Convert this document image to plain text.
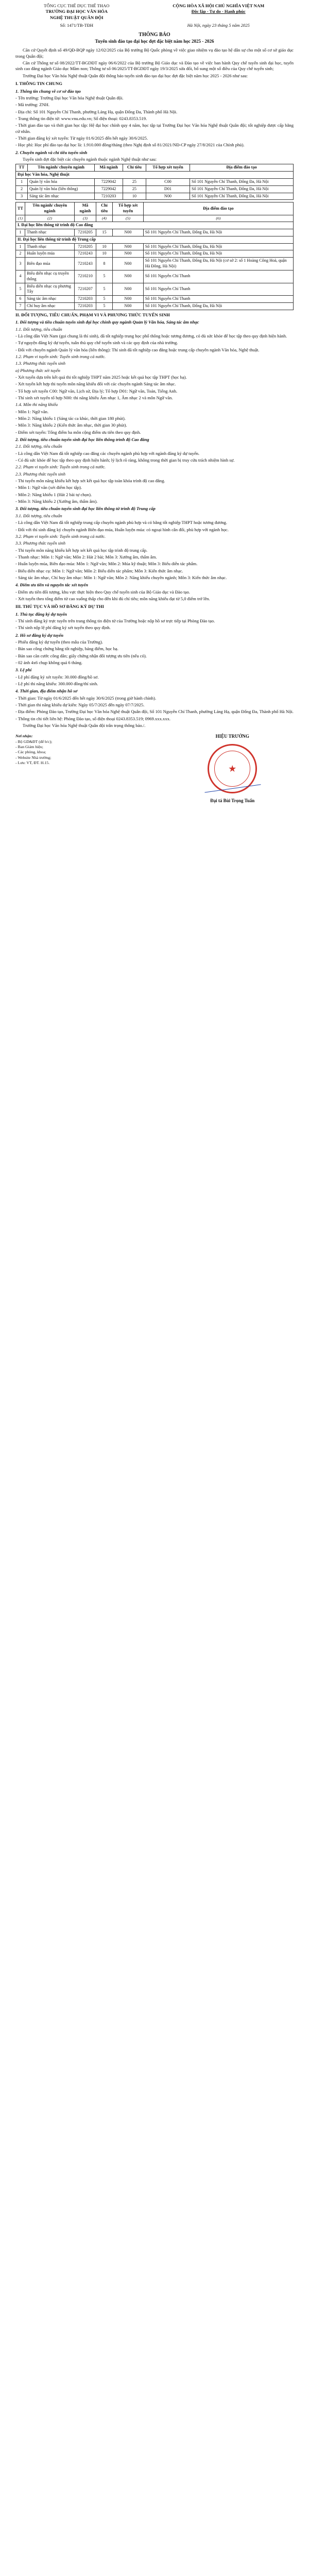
TỔNG CỤC THỂ DỤC THỂ THAO
TRƯỜNG ĐẠI HỌC VĂN HÓA
NGHỆ THUẬT QUÂN ĐỘI
CỘNG HÒA XÃ HỘI CHỦ NGHĨA VIỆT NAM
Độc lập - Tự do - Hạnh phúc
Số: 1471/TB-TĐH	Hà Nội, ngày 23 tháng 5 năm 2025
THÔNG BÁO
Tuyển sinh đào tạo đại học đợt đặc biệt năm học 2025 - 2026

Căn cứ Quyết định số 49/QĐ-BQP ngày 12/02/2025 của Bộ trưởng Bộ Quốc phòng về việc giao nhiệm vụ đào tạo hệ dân sự cho một số cơ sở giáo dục trong Quân đội;

Căn cứ Thông tư số 08/2022/TT-BGDĐT ngày 06/6/2022 của Bộ trưởng Bộ Giáo dục và Đào tạo về việc ban hành Quy chế tuyển sinh đại học, tuyển sinh cao đẳng ngành Giáo dục Mầm non; Thông tư số 06/2025/TT-BGDĐT ngày 19/3/2025 sửa đổi, bổ sung một số điều của Quy chế tuyển sinh;

Trường Đại học Văn hóa Nghệ thuật Quân đội thông báo tuyển sinh đào tạo đại học đợt đặc biệt năm học 2025 - 2026 như sau:

I. THÔNG TIN CHUNG
1. Thông tin chung về cơ sở đào tạo

- Tên trường: Trường Đại học Văn hóa Nghệ thuật Quân đội.

- Mã trường: ZNH.

- Địa chỉ: Số 101 Nguyễn Chí Thanh, phường Láng Hạ, quận Đống Đa, Thành phố Hà Nội.

- Trang thông tin điện tử: www.vnu.edu.vn; Số điện thoại: 0243.8353.519.

- Thời gian đào tạo và thời gian học tập: Hệ đại học chính quy 4 năm, học tập tại Trường Đại học Văn hóa Nghệ thuật Quân đội; tốt nghiệp được cấp bằng cử nhân.

- Thời gian đăng ký xét tuyển: Từ ngày 01/6/2025 đến hết ngày 30/6/2025.

- Học phí: Học phí đào tạo đại học là: 1.910.000 đồng/tháng (theo Nghị định số 81/2021/NĐ-CP ngày 27/8/2021 của Chính phủ).

2. Chuyên ngành và chỉ tiêu tuyển sinh

Tuyển sinh đợt đặc biệt các chuyên ngành thuộc ngành Nghệ thuật như sau:

TT	Tên ngành/ chuyên ngành	Mã ngành	Chỉ tiêu	Tổ hợp xét tuyển	Địa điểm đào tạo
Đại học Văn hóa, Nghệ thuật					
1	Quản lý văn hóa	7229042	25	C00	Số 101 Nguyễn Chí Thanh, Đống Đa, Hà Nội
2	Quản lý văn hóa (liên thông)	7229042	25	D01	Số 101 Nguyễn Chí Thanh, Đống Đa, Hà Nội
3	Sáng tác âm nhạc	7210203	10	N00	Số 101 Nguyễn Chí Thanh, Đống Đa, Hà Nội
TT	Tên ngành/ chuyên ngành	Mã ngành	Chỉ tiêu	Tổ hợp xét tuyển	Địa điểm đào tạo
(1)	(2)	(3)	(4)	(5)	(6)
I. Đại học liên thông từ trình độ Cao đẳng					
1	Thanh nhạc	7210205	15	N00	Số 101 Nguyễn Chí Thanh, Đống Đa, Hà Nội
II. Đại học liên thông từ trình độ Trung cấp					
1	Thanh nhạc	7210205	10	N00	Số 101 Nguyễn Chí Thanh, Đống Đa, Hà Nội
2	Huấn luyện múa	7210243	10	N00	Số 101 Nguyễn Chí Thanh, Đống Đa, Hà Nội
3	Biên đạo múa	7210243	8	N00	Số 101 Nguyễn Chí Thanh, Đống Đa, Hà Nội (cơ sở 2: số 1 Hoàng Công Hoà, quận Hà Đông, Hà Nội)
4	Biểu diễn nhạc cụ truyền thống	7210210	5	N00	Số 101 Nguyễn Chí Thanh
5	Biểu diễn nhạc cụ phương Tây	7210207	5	N00	Số 101 Nguyễn Chí Thanh
6	Sáng tác âm nhạc	7210203	5	N00	Số 101 Nguyễn Chí Thanh
7	Chỉ huy âm nhạc	7210203	5	N00	Số 101 Nguyễn Chí Thanh, Đống Đa, Hà Nội
II. ĐỐI TƯỢNG, TIÊU CHUẨN, PHẠM VI VÀ PHƯƠNG THỨC TUYỂN SINH
1. Đối tượng và tiêu chuẩn tuyển sinh đại học chính quy ngành Quản lý Văn hóa, Sáng tác âm nhạc
1.1. Đối tượng, tiêu chuẩn

- Là công dân Việt Nam (gọi chung là thí sinh), đã tốt nghiệp trung học phổ thông hoặc tương đương, có đủ sức khỏe để học tập theo quy định hiện hành.

- Tự nguyện đăng ký dự tuyển, tuân thủ quy chế tuyển sinh và các quy định của nhà trường.

- Đối với chuyên ngành Quản lý văn hóa (liên thông): Thí sinh đã tốt nghiệp cao đẳng hoặc trung cấp chuyên ngành Văn hóa, Nghệ thuật.

1.2. Phạm vi tuyển sinh: Tuyển sinh trong cả nước.
1.3. Phương thức tuyển sinh
a) Phương thức xét tuyển

- Xét tuyển dựa trên kết quả thi tốt nghiệp THPT năm 2025 hoặc kết quả học tập THPT (học bạ).

- Xét tuyển kết hợp thi tuyển môn năng khiếu đối với các chuyên ngành Sáng tác âm nhạc.

- Tổ hợp xét tuyển C00: Ngữ văn, Lịch sử, Địa lý; Tổ hợp D01: Ngữ văn, Toán, Tiếng Anh.

- Thí sinh xét tuyển tổ hợp N00: thi năng khiếu Âm nhạc 1, Âm nhạc 2 và môn Ngữ văn.

1.4. Môn thi năng khiếu

- Môn 1: Ngữ văn.

- Môn 2: Năng khiếu 1 (Sáng tác ca khúc, thời gian 180 phút).

- Môn 3: Năng khiếu 2 (Kiến thức âm nhạc, thời gian 30 phút).

- Điểm xét tuyển: Tổng điểm ba môn cộng điểm ưu tiên theo quy định.

2. Đối tượng, tiêu chuẩn tuyển sinh đại học liên thông trình độ Cao đẳng
2.1. Đối tượng, tiêu chuẩn

- Là công dân Việt Nam đã tốt nghiệp cao đẳng các chuyên ngành phù hợp với ngành đăng ký dự tuyển.

- Có đủ sức khỏe để học tập theo quy định hiện hành; lý lịch rõ ràng, không trong thời gian bị truy cứu trách nhiệm hình sự.

2.2. Phạm vi tuyển sinh: Tuyển sinh trong cả nước.
2.3. Phương thức tuyển sinh

- Thi tuyển môn năng khiếu kết hợp xét kết quả học tập toàn khóa trình độ cao đẳng.

- Môn 1: Ngữ văn (xét điểm học tập).

- Môn 2: Năng khiếu 1 (Hát 2 bài tự chọn).

- Môn 3: Năng khiếu 2 (Xướng âm, thẩm âm).

3. Đối tượng, tiêu chuẩn tuyển sinh đại học liên thông từ trình độ Trung cấp
3.1. Đối tượng, tiêu chuẩn

- Là công dân Việt Nam đã tốt nghiệp trung cấp chuyên ngành phù hợp và có bằng tốt nghiệp THPT hoặc tương đương.

- Đối với thí sinh đăng ký chuyên ngành Biên đạo múa, Huấn luyện múa: có ngoại hình cân đối, phù hợp với ngành học.

3.2. Phạm vi tuyển sinh: Tuyển sinh trong cả nước.
3.3. Phương thức tuyển sinh

- Thi tuyển môn năng khiếu kết hợp xét kết quả học tập trình độ trung cấp.

- Thanh nhạc: Môn 1: Ngữ văn; Môn 2: Hát 2 bài; Môn 3: Xướng âm, thẩm âm.

- Huấn luyện múa, Biên đạo múa: Môn 1: Ngữ văn; Môn 2: Múa kỹ thuật; Môn 3: Biểu diễn tác phẩm.

- Biểu diễn nhạc cụ: Môn 1: Ngữ văn; Môn 2: Biểu diễn tác phẩm; Môn 3: Kiến thức âm nhạc.

- Sáng tác âm nhạc, Chỉ huy âm nhạc: Môn 1: Ngữ văn; Môn 2: Năng khiếu chuyên ngành; Môn 3: Kiến thức âm nhạc.

4. Điểm ưu tiên và nguyên tắc xét tuyển

- Điểm ưu tiên đối tượng, khu vực thực hiện theo Quy chế tuyển sinh của Bộ Giáo dục và Đào tạo.

- Xét tuyển theo tổng điểm từ cao xuống thấp cho đến khi đủ chỉ tiêu; môn năng khiếu đạt từ 5,0 điểm trở lên.

III. THỦ TỤC VÀ HỒ SƠ ĐĂNG KÝ DỰ THI
1. Thủ tục đăng ký dự tuyển

- Thí sinh đăng ký trực tuyến trên trang thông tin điện tử của Trường hoặc nộp hồ sơ trực tiếp tại Phòng Đào tạo.

- Thí sinh nộp lệ phí đăng ký xét tuyển theo quy định.

2. Hồ sơ đăng ký dự tuyển

- Phiếu đăng ký dự tuyển (theo mẫu của Trường).

- Bản sao công chứng bằng tốt nghiệp, bảng điểm, học bạ.

- Bản sao căn cước công dân; giấy chứng nhận đối tượng ưu tiên (nếu có).

- 02 ảnh 4x6 chụp không quá 6 tháng.

3. Lệ phí

- Lệ phí đăng ký xét tuyển: 30.000 đồng/hồ sơ.

- Lệ phí thi năng khiếu: 300.000 đồng/thí sinh.

4. Thời gian, địa điểm nhận hồ sơ

- Thời gian: Từ ngày 01/6/2025 đến hết ngày 30/6/2025 (trong giờ hành chính).

- Thời gian thi năng khiếu dự kiến: Ngày 05/7/2025 đến ngày 07/7/2025.

- Địa điểm: Phòng Đào tạo, Trường Đại học Văn hóa Nghệ thuật Quân đội, Số 101 Nguyễn Chí Thanh, phường Láng Hạ, quận Đống Đa, Thành phố Hà Nội.

- Thông tin chi tiết liên hệ: Phòng Đào tạo, số điện thoại 0243.8353.519; 0969.xxx.xxx.

Trường Đại học Văn hóa Nghệ thuật Quân đội trân trọng thông báo./.

Nơi nhận:
- Bộ GD&ĐT (để b/c);
- Ban Giám hiệu;
- Các phòng, khoa;
- Website Nhà trường;
- Lưu: VT, ĐT. H.15.
HIỆU TRƯỞNG
★
Đại tá Bùi Trọng Tuấn
